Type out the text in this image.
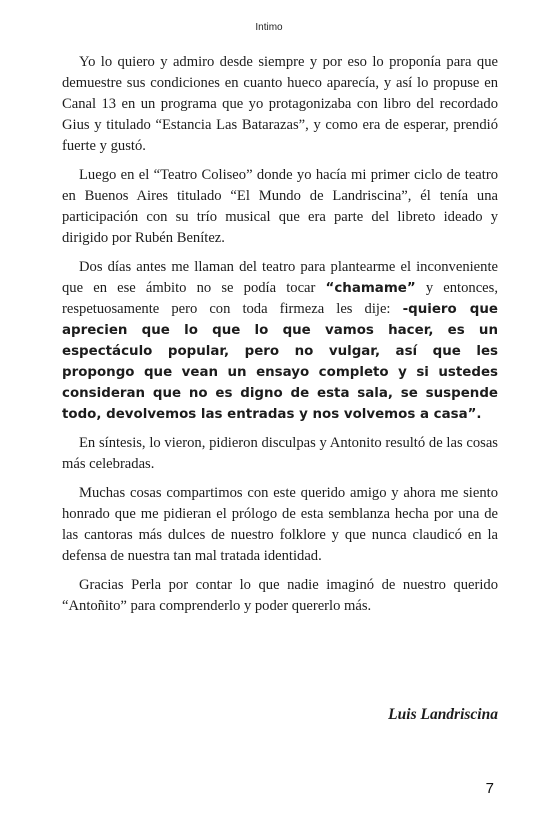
Intimo

Yo lo quiero y admiro desde siempre y por eso lo proponía para que demuestre sus condiciones en cuanto hueco aparecía, y así lo propuse en Canal 13 en un programa que yo protagonizaba con libro del recordado Gius y titulado “Estancia Las Batarazas”, y como era de esperar, prendió fuerte y gustó.

Luego en el “Teatro Coliseo” donde yo hacía mi primer ciclo de teatro en Buenos Aires titulado “El Mundo de Landriscina”, él tenía una participación con su trío musical que era parte del libreto ideado y dirigido por Rubén Benítez.

Dos días antes me llaman del teatro para plantearme el inconveniente que en ese ámbito no se podía tocar “chamame” y entonces, respetuosamente pero con toda firmeza les dije: -quiero que aprecien que lo que lo que vamos hacer, es un espectáculo popular, pero no vulgar, así que les propongo que vean un ensayo completo y si ustedes consideran que no es digno de esta sala, se suspende todo, devolvemos las entradas y nos volvemos a casa”.

En síntesis, lo vieron, pidieron disculpas y Antonito resultó de las cosas más celebradas.

Muchas cosas compartimos con este querido amigo y ahora me siento honrado que me pidieran el prólogo de esta semblanza hecha por una de las cantoras más dulces de nuestro folklore y que nunca claudicó en la defensa de nuestra tan mal tratada identidad.

Gracias Perla por contar lo que nadie imaginó de nuestro querido “Antoñito” para comprenderlo y poder quererlo más.

Luis Landriscina
7
